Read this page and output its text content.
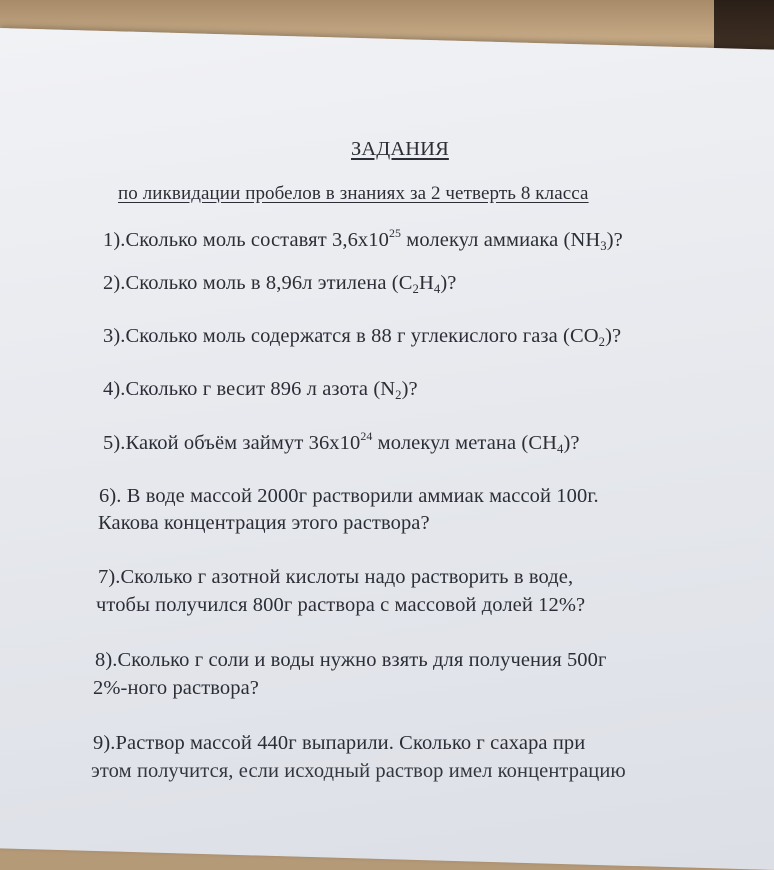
ЗАДАНИЯ
по ликвидации пробелов в знаниях за 2 четверть 8 класса
1).Сколько моль составят $3,6х10^{25}$ молекул аммиака $(NH_3)$?
2).Сколько моль в 8,96л этилена $(C_2H_4)$?
3).Сколько моль содержатся в 88 г углекислого газа $(CO_2)$?
4).Сколько г весит 896 л азота $(N_2)$?
5).Какой объём займут $36х10^{24}$ молекул метана $(CH_4)$?
6). В воде массой 2000г растворили аммиак массой 100г.
Какова концентрация этого раствора?
7).Сколько г азотной кислоты надо растворить в воде,
чтобы получился 800г раствора с массовой долей 12%?
8).Сколько г соли и воды нужно взять для получения 500г
2%-ного раствора?
9).Раствор массой 440г выпарили. Сколько г сахара при
этом получится, если исходный раствор имел концентрацию
